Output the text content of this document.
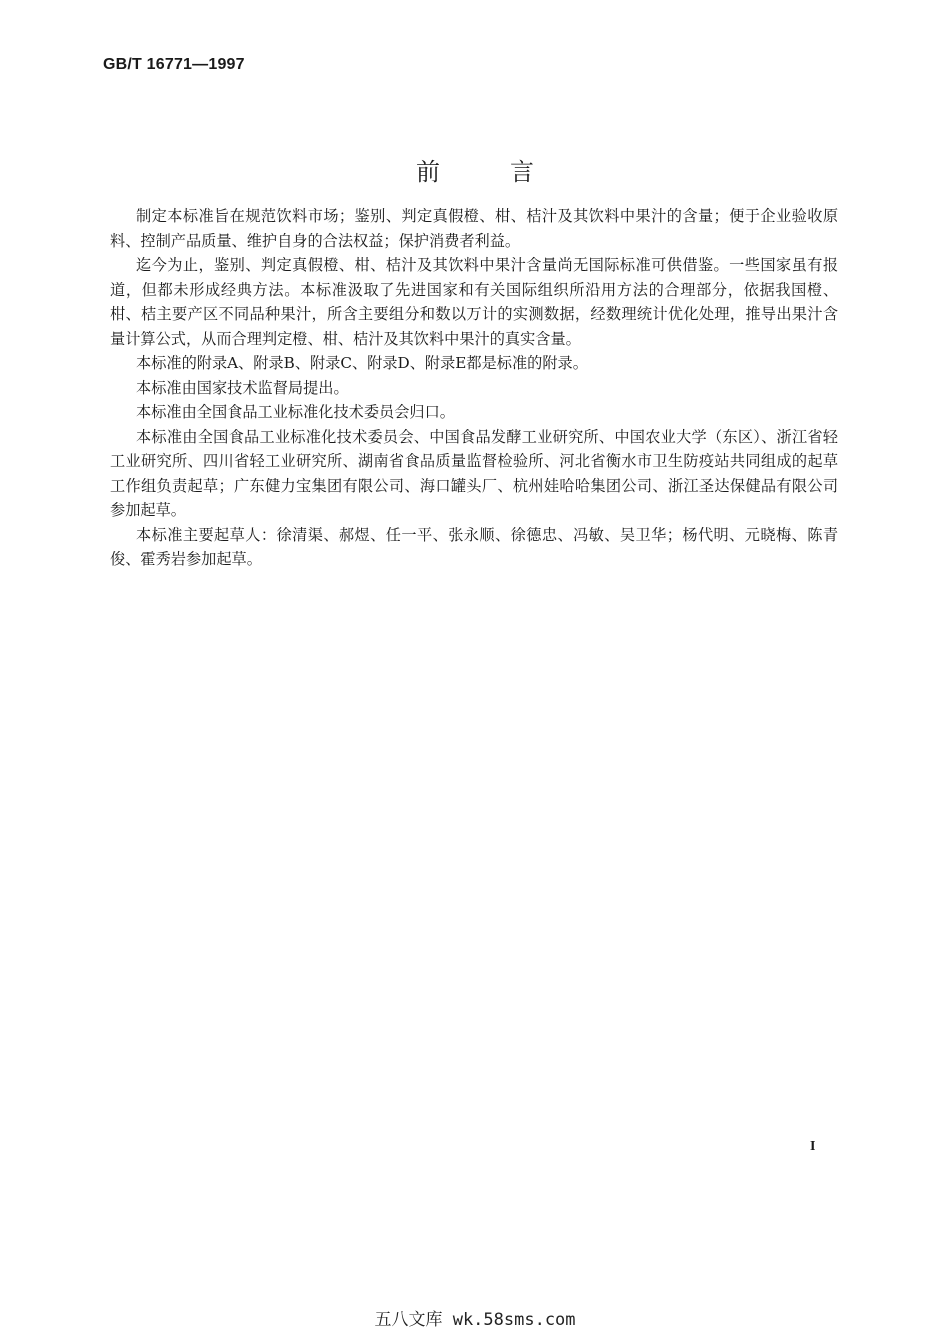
GB/T 16771—1997
前	言

制定本标准旨在规范饮料市场；鉴别、判定真假橙、柑、桔汁及其饮料中果汁的含量；便于企业验收原料、控制产品质量、维护自身的合法权益；保护消费者利益。

迄今为止，鉴别、判定真假橙、柑、桔汁及其饮料中果汁含量尚无国际标准可供借鉴。一些国家虽有报道，但都未形成经典方法。本标准汲取了先进国家和有关国际组织所沿用方法的合理部分，依据我国橙、柑、桔主要产区不同品种果汁，所含主要组分和数以万计的实测数据，经数理统计优化处理，推导出果汁含量计算公式，从而合理判定橙、柑、桔汁及其饮料中果汁的真实含量。

本标准的附录A、附录B、附录C、附录D、附录E都是标准的附录。

本标准由国家技术监督局提出。

本标准由全国食品工业标准化技术委员会归口。

本标准由全国食品工业标准化技术委员会、中国食品发酵工业研究所、中国农业大学（东区）、浙江省轻工业研究所、四川省轻工业研究所、湖南省食品质量监督检验所、河北省衡水市卫生防疫站共同组成的起草工作组负责起草；广东健力宝集团有限公司、海口罐头厂、杭州娃哈哈集团公司、浙江圣达保健品有限公司参加起草。

本标准主要起草人：徐清渠、郝煜、任一平、张永顺、徐德忠、冯敏、吴卫华；杨代明、元晓梅、陈青俊、霍秀岩参加起草。

I
五八文库 wk.58sms.com
